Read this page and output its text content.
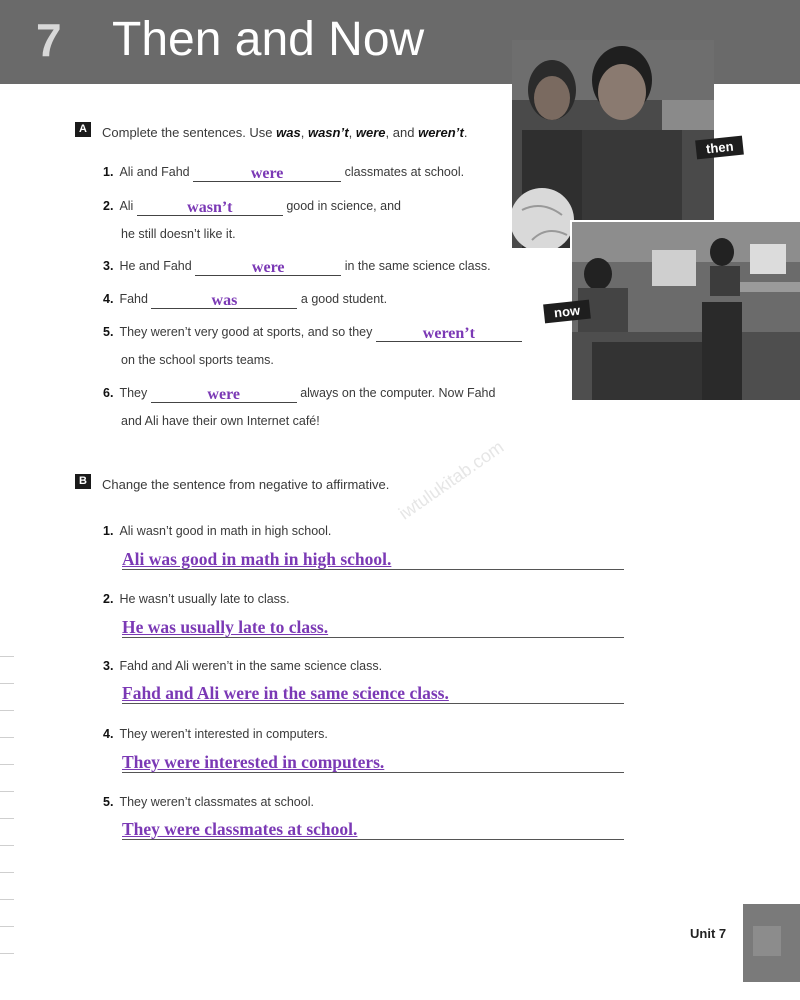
7 Then and Now
then
now
A	Complete the sentences. Use was, wasn’t, were, and weren’t.
1. Ali and Fahd	were	classmates at school.
2. Ali	wasn’t	good in science, and
he still doesn’t like it.
3. He and Fahd	were	in the same science class.
4. Fahd	was	a good student.
5. They weren’t very good at sports, and so they	weren’t
on the school sports teams.
6. They	were	always on the computer. Now Fahd
and Ali have their own Internet café!
iwtulukitab.com
B	Change the sentence from negative to affirmative.
1. Ali wasn’t good in math in high school.
Ali was good in math in high school.
2. He wasn’t usually late to class.
He was usually late to class.
3. Fahd and Ali weren’t in the same science class.
Fahd and Ali were in the same science class.
4. They weren’t interested in computers.
They were interested in computers.
5. They weren’t classmates at school.
They were classmates at school.
Unit 7
